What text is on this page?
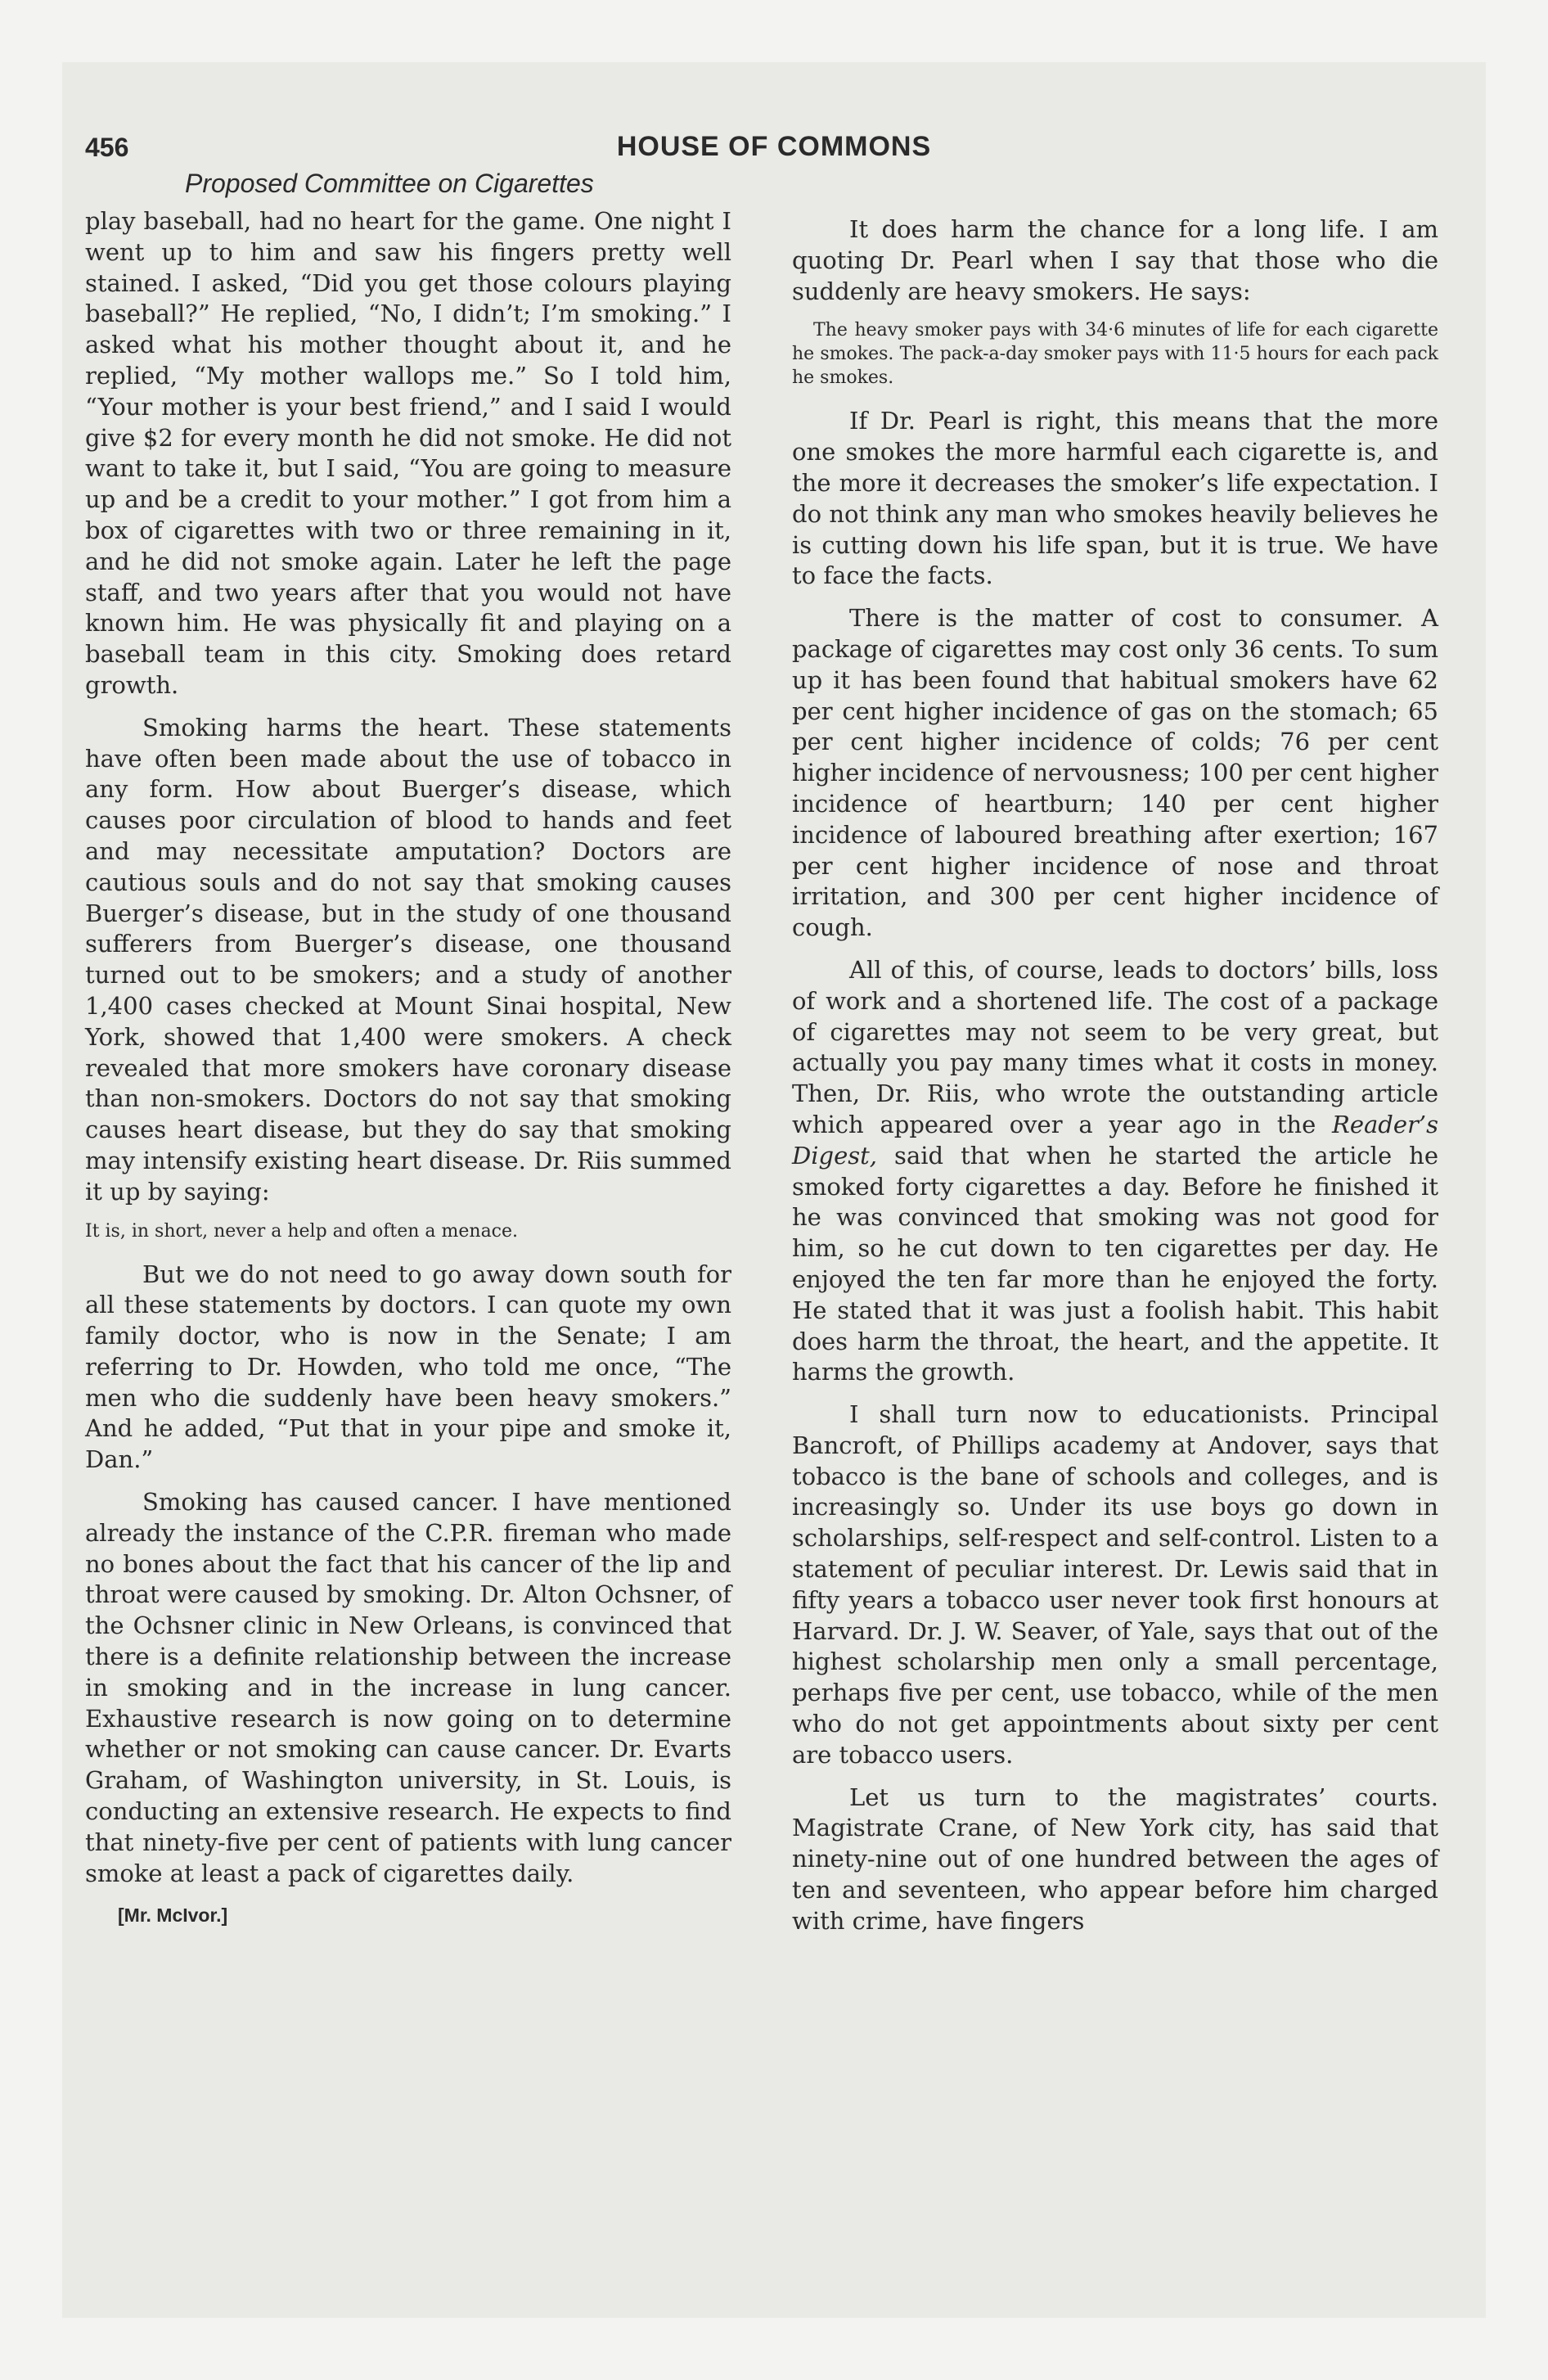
456	HOUSE OF COMMONS
Proposed Committee on Cigarettes

play baseball, had no heart for the game. One night I went up to him and saw his fingers pretty well stained. I asked, “Did you get those colours playing baseball?” He replied, “No, I didn’t; I’m smoking.” I asked what his mother thought about it, and he replied, “My mother wallops me.” So I told him, “Your mother is your best friend,” and I said I would give $2 for every month he did not smoke. He did not want to take it, but I said, “You are going to measure up and be a credit to your mother.” I got from him a box of cigarettes with two or three remaining in it, and he did not smoke again. Later he left the page staff, and two years after that you would not have known him. He was physically fit and playing on a baseball team in this city. Smoking does retard growth.

Smoking harms the heart. These statements have often been made about the use of tobacco in any form. How about Buerger’s disease, which causes poor circulation of blood to hands and feet and may necessitate amputation? Doctors are cautious souls and do not say that smoking causes Buerger’s disease, but in the study of one thousand sufferers from Buerger’s disease, one thousand turned out to be smokers; and a study of another 1,400 cases checked at Mount Sinai hospital, New York, showed that 1,400 were smokers. A check revealed that more smokers have coronary disease than non-smokers. Doctors do not say that smoking causes heart disease, but they do say that smoking may intensify existing heart disease. Dr. Riis summed it up by saying:

It is, in short, never a help and often a menace.

But we do not need to go away down south for all these statements by doctors. I can quote my own family doctor, who is now in the Senate; I am referring to Dr. Howden, who told me once, “The men who die suddenly have been heavy smokers.” And he added, “Put that in your pipe and smoke it, Dan.”

Smoking has caused cancer. I have mentioned already the instance of the C.P.R. fireman who made no bones about the fact that his cancer of the lip and throat were caused by smoking. Dr. Alton Ochsner, of the Ochsner clinic in New Orleans, is convinced that there is a definite relationship between the increase in smoking and in the increase in lung cancer. Exhaustive research is now going on to determine whether or not smoking can cause cancer. Dr. Evarts Graham, of Washington university, in St. Louis, is conducting an extensive research. He expects to find that ninety-five per cent of patients with lung cancer smoke at least a pack of cigarettes daily.

[Mr. McIvor.]

It does harm the chance for a long life. I am quoting Dr. Pearl when I say that those who die suddenly are heavy smokers. He says:

The heavy smoker pays with 34·6 minutes of life for each cigarette he smokes. The pack-a-day smoker pays with 11·5 hours for each pack he smokes.

If Dr. Pearl is right, this means that the more one smokes the more harmful each cigarette is, and the more it decreases the smoker’s life expectation. I do not think any man who smokes heavily believes he is cutting down his life span, but it is true. We have to face the facts.

There is the matter of cost to consumer. A package of cigarettes may cost only 36 cents. To sum up it has been found that habitual smokers have 62 per cent higher incidence of gas on the stomach; 65 per cent higher incidence of colds; 76 per cent higher incidence of nervousness; 100 per cent higher incidence of heartburn; 140 per cent higher incidence of laboured breathing after exertion; 167 per cent higher incidence of nose and throat irritation, and 300 per cent higher incidence of cough.

All of this, of course, leads to doctors’ bills, loss of work and a shortened life. The cost of a package of cigarettes may not seem to be very great, but actually you pay many times what it costs in money. Then, Dr. Riis, who wrote the outstanding article which appeared over a year ago in the Reader’s Digest, said that when he started the article he smoked forty cigarettes a day. Before he finished it he was convinced that smoking was not good for him, so he cut down to ten cigarettes per day. He enjoyed the ten far more than he enjoyed the forty. He stated that it was just a foolish habit. This habit does harm the throat, the heart, and the appetite. It harms the growth.

I shall turn now to educationists. Principal Bancroft, of Phillips academy at Andover, says that tobacco is the bane of schools and colleges, and is increasingly so. Under its use boys go down in scholarships, self-respect and self-control. Listen to a statement of peculiar interest. Dr. Lewis said that in fifty years a tobacco user never took first honours at Harvard. Dr. J. W. Seaver, of Yale, says that out of the highest scholarship men only a small percentage, perhaps five per cent, use tobacco, while of the men who do not get appointments about sixty per cent are tobacco users.

Let us turn to the magistrates’ courts. Magistrate Crane, of New York city, has said that ninety-nine out of one hundred between the ages of ten and seventeen, who appear before him charged with crime, have fingers
